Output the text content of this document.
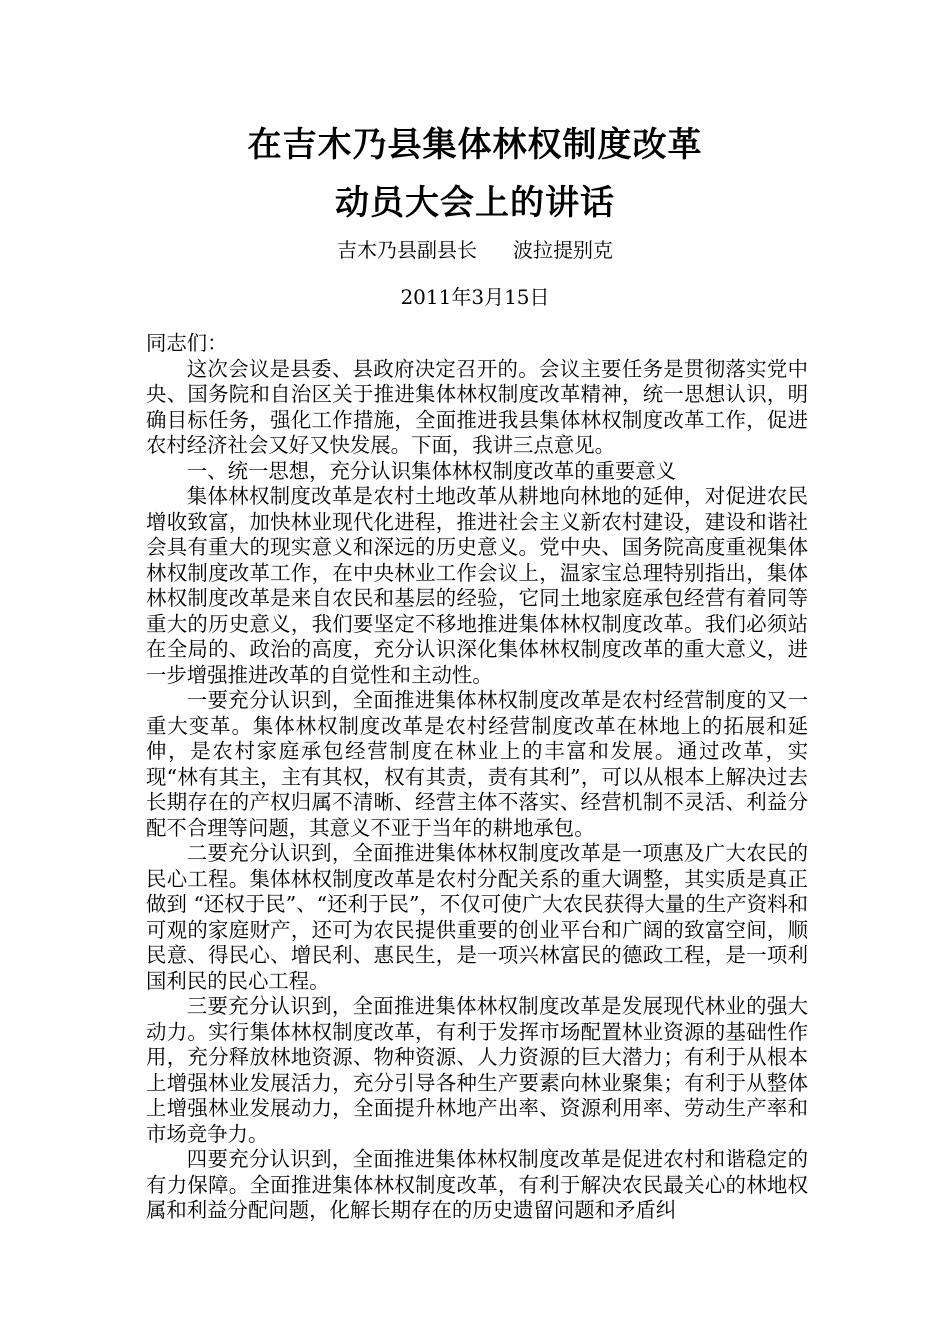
在吉木乃县集体林权制度改革
动员大会上的讲话
吉木乃县副县长 波拉提别克
2011年3月15日

同志们：

这次会议是县委、县政府决定召开的。会议主要任务是贯彻落实党中央、国务院和自治区关于推进集体林权制度改革精神，统一思想认识，明确目标任务，强化工作措施，全面推进我县集体林权制度改革工作，促进农村经济社会又好又快发展。下面，我讲三点意见。

一、统一思想，充分认识集体林权制度改革的重要意义

集体林权制度改革是农村土地改革从耕地向林地的延伸，对促进农民增收致富，加快林业现代化进程，推进社会主义新农村建设，建设和谐社会具有重大的现实意义和深远的历史意义。党中央、国务院高度重视集体林权制度改革工作，在中央林业工作会议上，温家宝总理特别指出，集体林权制度改革是来自农民和基层的经验，它同土地家庭承包经营有着同等重大的历史意义，我们要坚定不移地推进集体林权制度改革。我们必须站在全局的、政治的高度，充分认识深化集体林权制度改革的重大意义，进一步增强推进改革的自觉性和主动性。

一要充分认识到，全面推进集体林权制度改革是农村经营制度的又一重大变革。集体林权制度改革是农村经营制度改革在林地上的拓展和延伸，是农村家庭承包经营制度在林业上的丰富和发展。通过改革，实现“林有其主，主有其权，权有其责，责有其利”，可以从根本上解决过去长期存在的产权归属不清晰、经营主体不落实、经营机制不灵活、利益分配不合理等问题，其意义不亚于当年的耕地承包。

二要充分认识到，全面推进集体林权制度改革是一项惠及广大农民的民心工程。集体林权制度改革是农村分配关系的重大调整，其实质是真正做到 “还权于民”、“还利于民”，不仅可使广大农民获得大量的生产资料和可观的家庭财产，还可为农民提供重要的创业平台和广阔的致富空间，顺民意、得民心、增民利、惠民生，是一项兴林富民的德政工程，是一项利国利民的民心工程。

三要充分认识到，全面推进集体林权制度改革是发展现代林业的强大动力。实行集体林权制度改革，有利于发挥市场配置林业资源的基础性作用，充分释放林地资源、物种资源、人力资源的巨大潜力；有利于从根本上增强林业发展活力，充分引导各种生产要素向林业聚集；有利于从整体上增强林业发展动力，全面提升林地产出率、资源利用率、劳动生产率和市场竞争力。

四要充分认识到，全面推进集体林权制度改革是促进农村和谐稳定的有力保障。全面推进集体林权制度改革，有利于解决农民最关心的林地权属和利益分配问题，化解长期存在的历史遗留问题和矛盾纠
